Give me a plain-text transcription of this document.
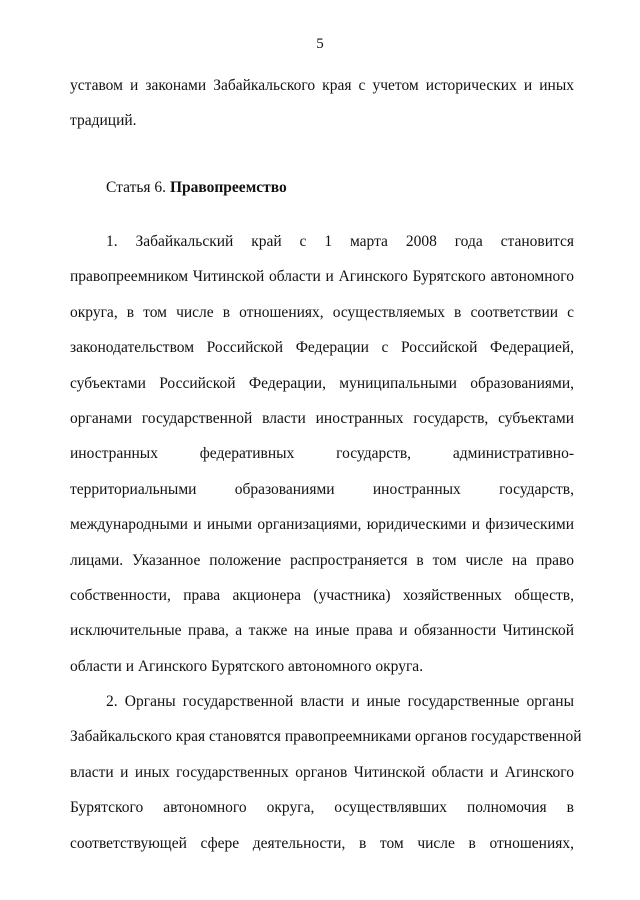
5
уставом и законами Забайкальского края с учетом исторических и иных
традиций.
Статья 6. Правопреемство
1. Забайкальский край с 1 марта 2008 года становится
правопреемником Читинской области и Агинского Бурятского автономного
округа, в том числе в отношениях, осуществляемых в соответствии с
законодательством Российской Федерации с Российской Федерацией,
субъектами Российской Федерации, муниципальными образованиями,
органами государственной власти иностранных государств, субъектами
иностранных федеративных государств, административно-
территориальными образованиями иностранных государств,
международными и иными организациями, юридическими и физическими
лицами. Указанное положение распространяется в том числе на право
собственности, права акционера (участника) хозяйственных обществ,
исключительные права, а также на иные права и обязанности Читинской
области и Агинского Бурятского автономного округа.
2. Органы государственной власти и иные государственные органы
Забайкальского края становятся правопреемниками органов государственной
власти и иных государственных органов Читинской области и Агинского
Бурятского автономного округа, осуществлявших полномочия в
соответствующей сфере деятельности, в том числе в отношениях,
